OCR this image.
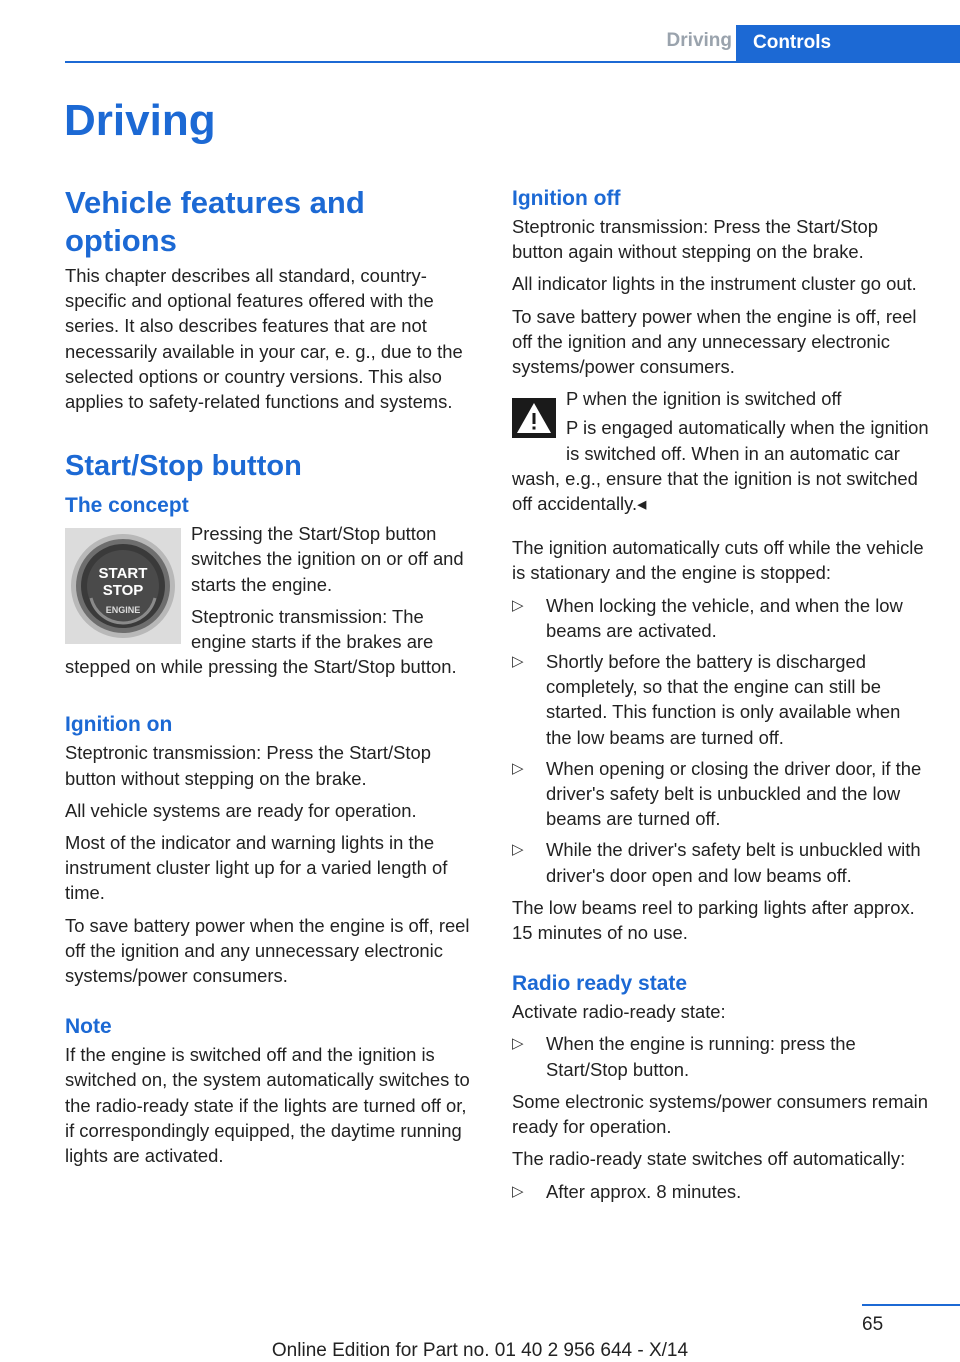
Driving	Controls
Driving
Vehicle features and options

This chapter describes all standard, country-specific and optional features offered with the series. It also describes features that are not necessarily available in your car, e. g., due to the selected options or country versions. This also applies to safety-related functions and systems.

Start/Stop button
The concept
START
STOP
ENGINE

Pressing the Start/Stop button switches the ignition on or off and starts the engine.

Steptronic transmission: The engine starts if the brakes are stepped on while pressing the Start/Stop button.

Ignition on

Steptronic transmission: Press the Start/Stop button without stepping on the brake.

All vehicle systems are ready for operation.

Most of the indicator and warning lights in the instrument cluster light up for a varied length of time.

To save battery power when the engine is off, reel off the ignition and any unnecessary electronic systems/power consumers.

Note

If the engine is switched off and the ignition is switched on, the system automatically switches to the radio-ready state if the lights are turned off or, if correspondingly equipped, the daytime running lights are activated.

Ignition off

Steptronic transmission: Press the Start/Stop button again without stepping on the brake.

All indicator lights in the instrument cluster go out.

To save battery power when the engine is off, reel off the ignition and any unnecessary electronic systems/power consumers.

P when the ignition is switched off

P is engaged automatically when the ignition is switched off. When in an automatic car wash, e.g., ensure that the ignition is not switched off accidentally.◂

The ignition automatically cuts off while the vehicle is stationary and the engine is stopped:

▷ When locking the vehicle, and when the low beams are activated.
▷ Shortly before the battery is discharged completely, so that the engine can still be started. This function is only available when the low beams are turned off.
▷ When opening or closing the driver door, if the driver's safety belt is unbuckled and the low beams are turned off.
▷ While the driver's safety belt is unbuckled with driver's door open and low beams off.

The low beams reel to parking lights after approx. 15 minutes of no use.

Radio ready state

Activate radio-ready state:

▷ When the engine is running: press the Start/Stop button.

Some electronic systems/power consumers remain ready for operation.

The radio-ready state switches off automatically:

▷ After approx. 8 minutes.
65
Online Edition for Part no. 01 40 2 956 644 - X/14
